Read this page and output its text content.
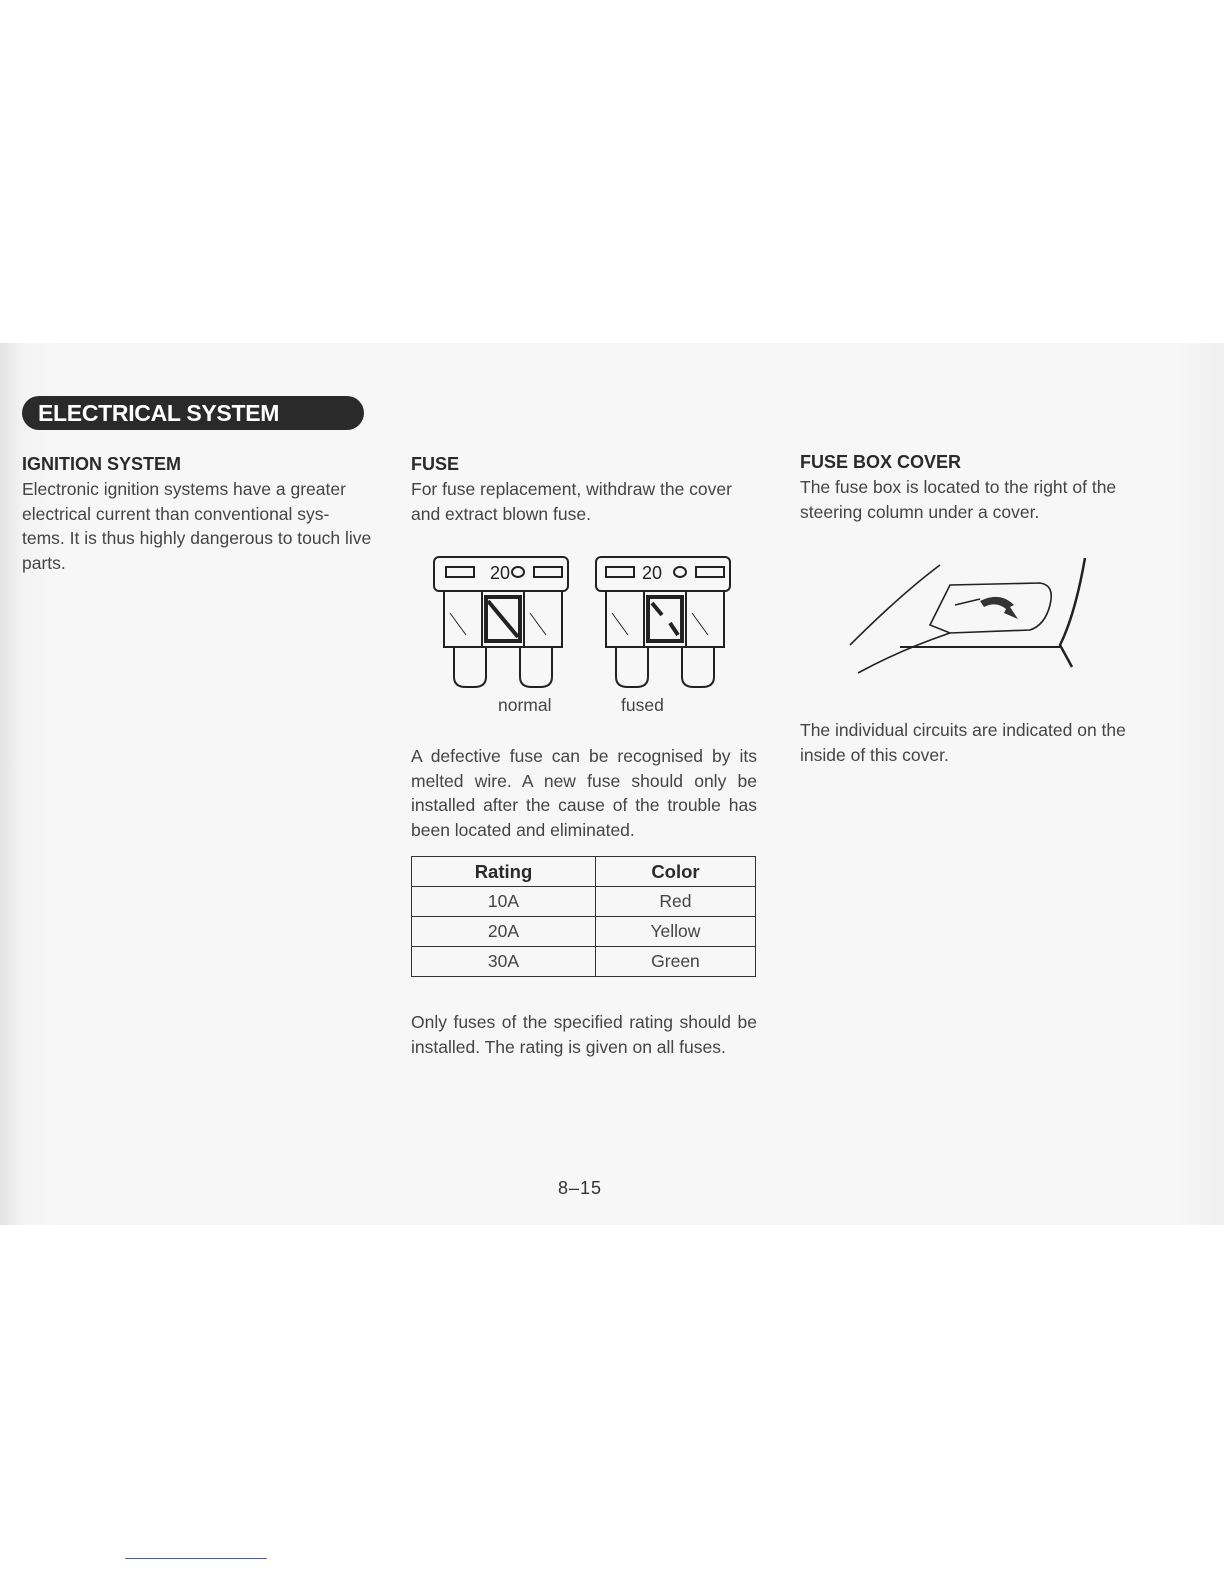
ELECTRICAL SYSTEM
IGNITION SYSTEM

Electronic ignition systems have a greater electrical current than conventional sys-tems. It is thus highly dangerous to touch live parts.

FUSE

For fuse replacement, withdraw the cover and extract blown fuse.

20	20
normal	fused

A defective fuse can be recognised by its melted wire. A new fuse should only be installed after the cause of the trouble has been located and eliminated.

Rating	Color
10A	Red
20A	Yellow
30A	Green

Only fuses of the specified rating should be installed. The rating is given on all fuses.

FUSE BOX COVER

The fuse box is located to the right of the steering column under a cover.

The individual circuits are indicated on the inside of this cover.

8–15
